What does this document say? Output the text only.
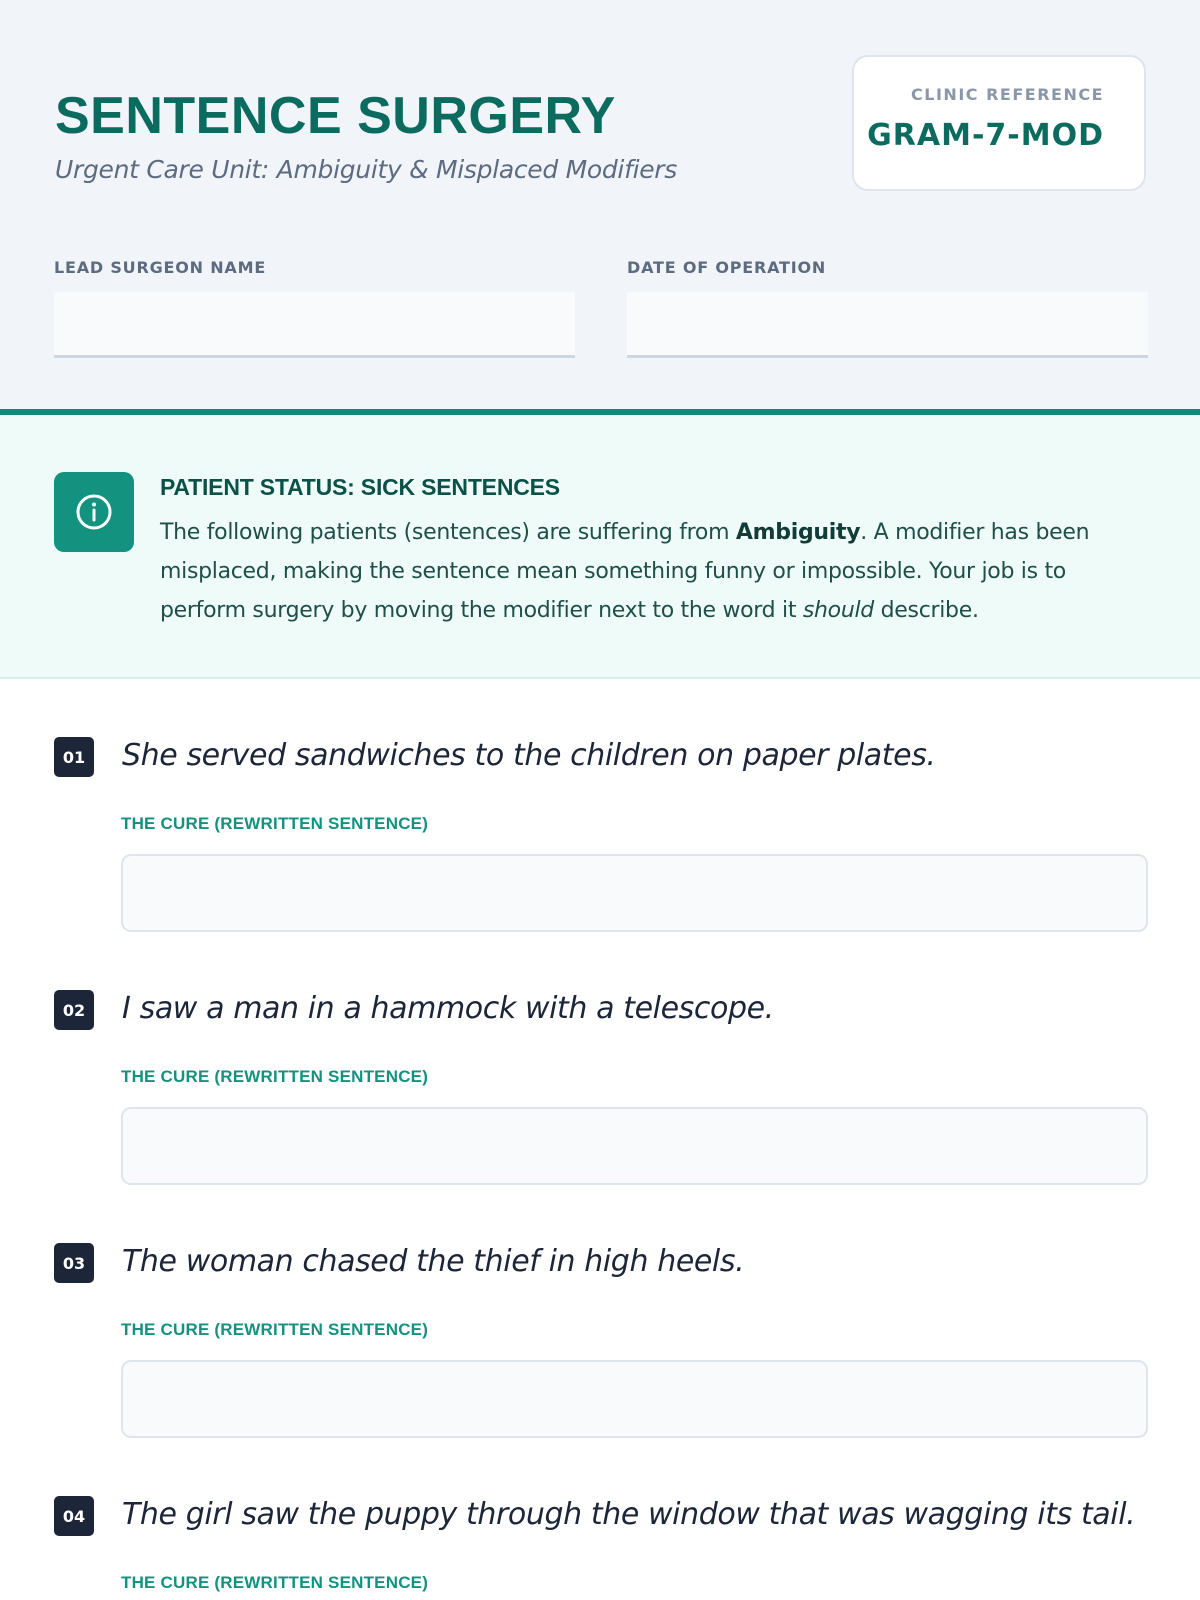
SENTENCE SURGERY
Urgent Care Unit: Ambiguity & Misplaced Modifiers
CLINIC REFERENCE
GRAM-7-MOD
LEAD SURGEON NAME	DATE OF OPERATION
PATIENT STATUS: SICK SENTENCES
The following patients (sentences) are suffering from Ambiguity. A modifier has been misplaced, making the sentence mean something funny or impossible. Your job is to perform surgery by moving the modifier next to the word it should describe.
01 She served sandwiches to the children on paper plates.
THE CURE (REWRITTEN SENTENCE)
02 I saw a man in a hammock with a telescope.
THE CURE (REWRITTEN SENTENCE)
03 The woman chased the thief in high heels.
THE CURE (REWRITTEN SENTENCE)
04 The girl saw the puppy through the window that was wagging its tail.
THE CURE (REWRITTEN SENTENCE)
